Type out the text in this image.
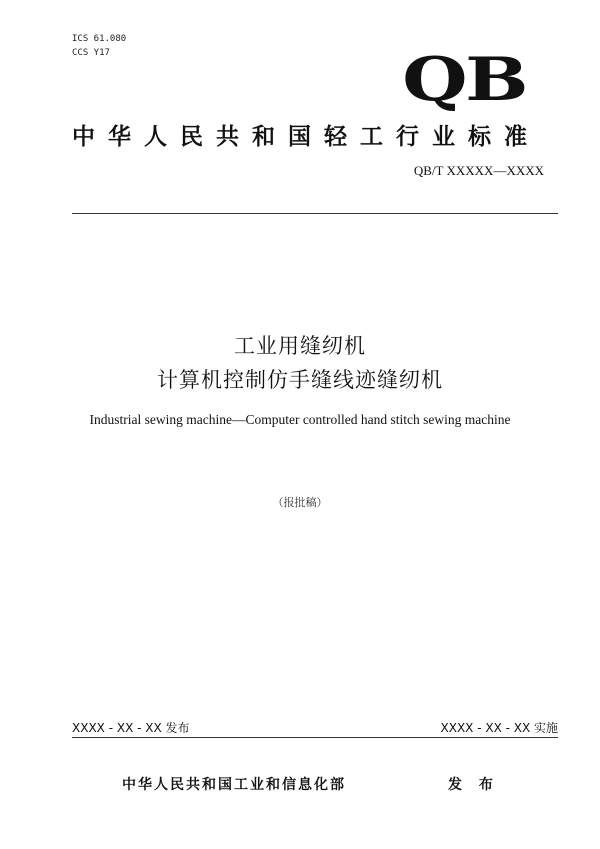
ICS 61.080
CCS Y17	QB
中华人民共和国轻工行业标准
QB/T XXXXX—XXXX
工业用缝纫机
计算机控制仿手缝线迹缝纫机
Industrial sewing machine—Computer controlled hand stitch sewing machine
（报批稿）
XXXX - XX - XX 发布	XXXX - XX - XX 实施
中华人民共和国工业和信息化部	发 布
